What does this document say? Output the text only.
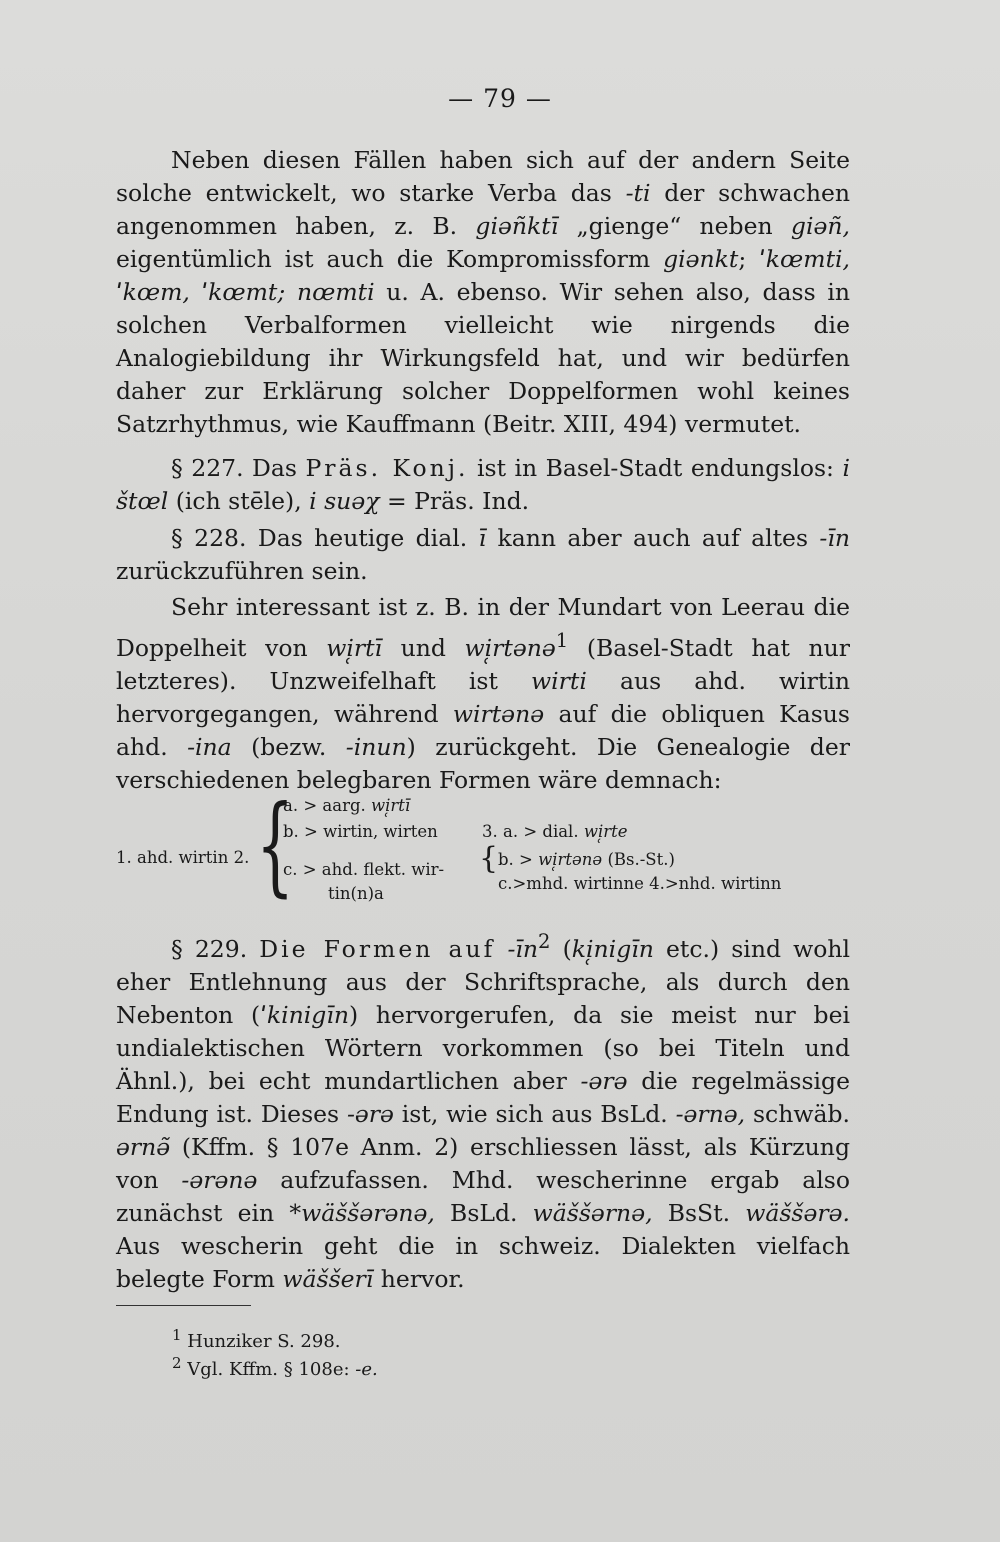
— 79 —

Neben diesen Fällen haben sich auf der andern Seite solche entwickelt, wo starke Verba das -ti der schwachen angenommen haben, z. B. giəñktī „gienge“ neben giəñ, eigentümlich ist auch die Kompromissform giənkt; ˈkœmti, ˈkœm, ˈkœmt; nœmti u. A. ebenso. Wir sehen also, dass in solchen Verbalformen vielleicht wie nirgends die Analogiebildung ihr Wirkungsfeld hat, und wir bedürfen daher zur Erklärung solcher Doppelformen wohl keines Satzrhythmus, wie Kauffmann (Beitr. XIII, 494) vermutet.

§ 227. Das Präs. Konj. ist in Basel-Stadt endungslos: i štœl (ich stēle), i suəχ = Präs. Ind.

§ 228. Das heutige dial. ī kann aber auch auf altes -īn zurückzuführen sein.

Sehr interessant ist z. B. in der Mundart von Leerau die Doppelheit von wi̜rtī und wi̜rtənə$^1$ (Basel-Stadt hat nur letzteres). Unzweifelhaft ist wirti aus ahd. wirtin hervorgegangen, während wirtənə auf die obliquen Kasus ahd. -ina (bezw. -inun) zurückgeht. Die Genealogie der verschiedenen belegbaren Formen wäre demnach:

1. ahd. wirtin 2. {
a. > aarg. wi̜rtī
b. > wirtin, wirten
c. > ahd. flekt. wir-
tin(n)a
3. a. > dial. wi̜rte
{ b. > wi̜rtənə (Bs.-St.)
c.>mhd. wirtinne 4.>nhd. wirtinn

§ 229. Die Formen auf $-īn^2$ (ki̜nigīn etc.) sind wohl eher Entlehnung aus der Schriftsprache, als durch den Nebenton (ˈkinigīn) hervorgerufen, da sie meist nur bei undialektischen Wörtern vorkommen (so bei Titeln und Ähnl.), bei echt mundartlichen aber -ərə die regelmässige Endung ist. Dieses -ərə ist, wie sich aus BsLd. -ərnə, schwäb. ərnə̃ (Kffm. § 107e Anm. 2) erschliessen lässt, als Kürzung von -ərənə aufzufassen. Mhd. wescherinne ergab also zunächst ein *wäššərənə, BsLd. wäššərnə, BsSt. wäššərə. Aus wescherin geht die in schweiz. Dialekten vielfach belegte Form wäššerī hervor.

$^1$ Hunziker S. 298.
$^2$ Vgl. Kffm. § 108e: -e.
